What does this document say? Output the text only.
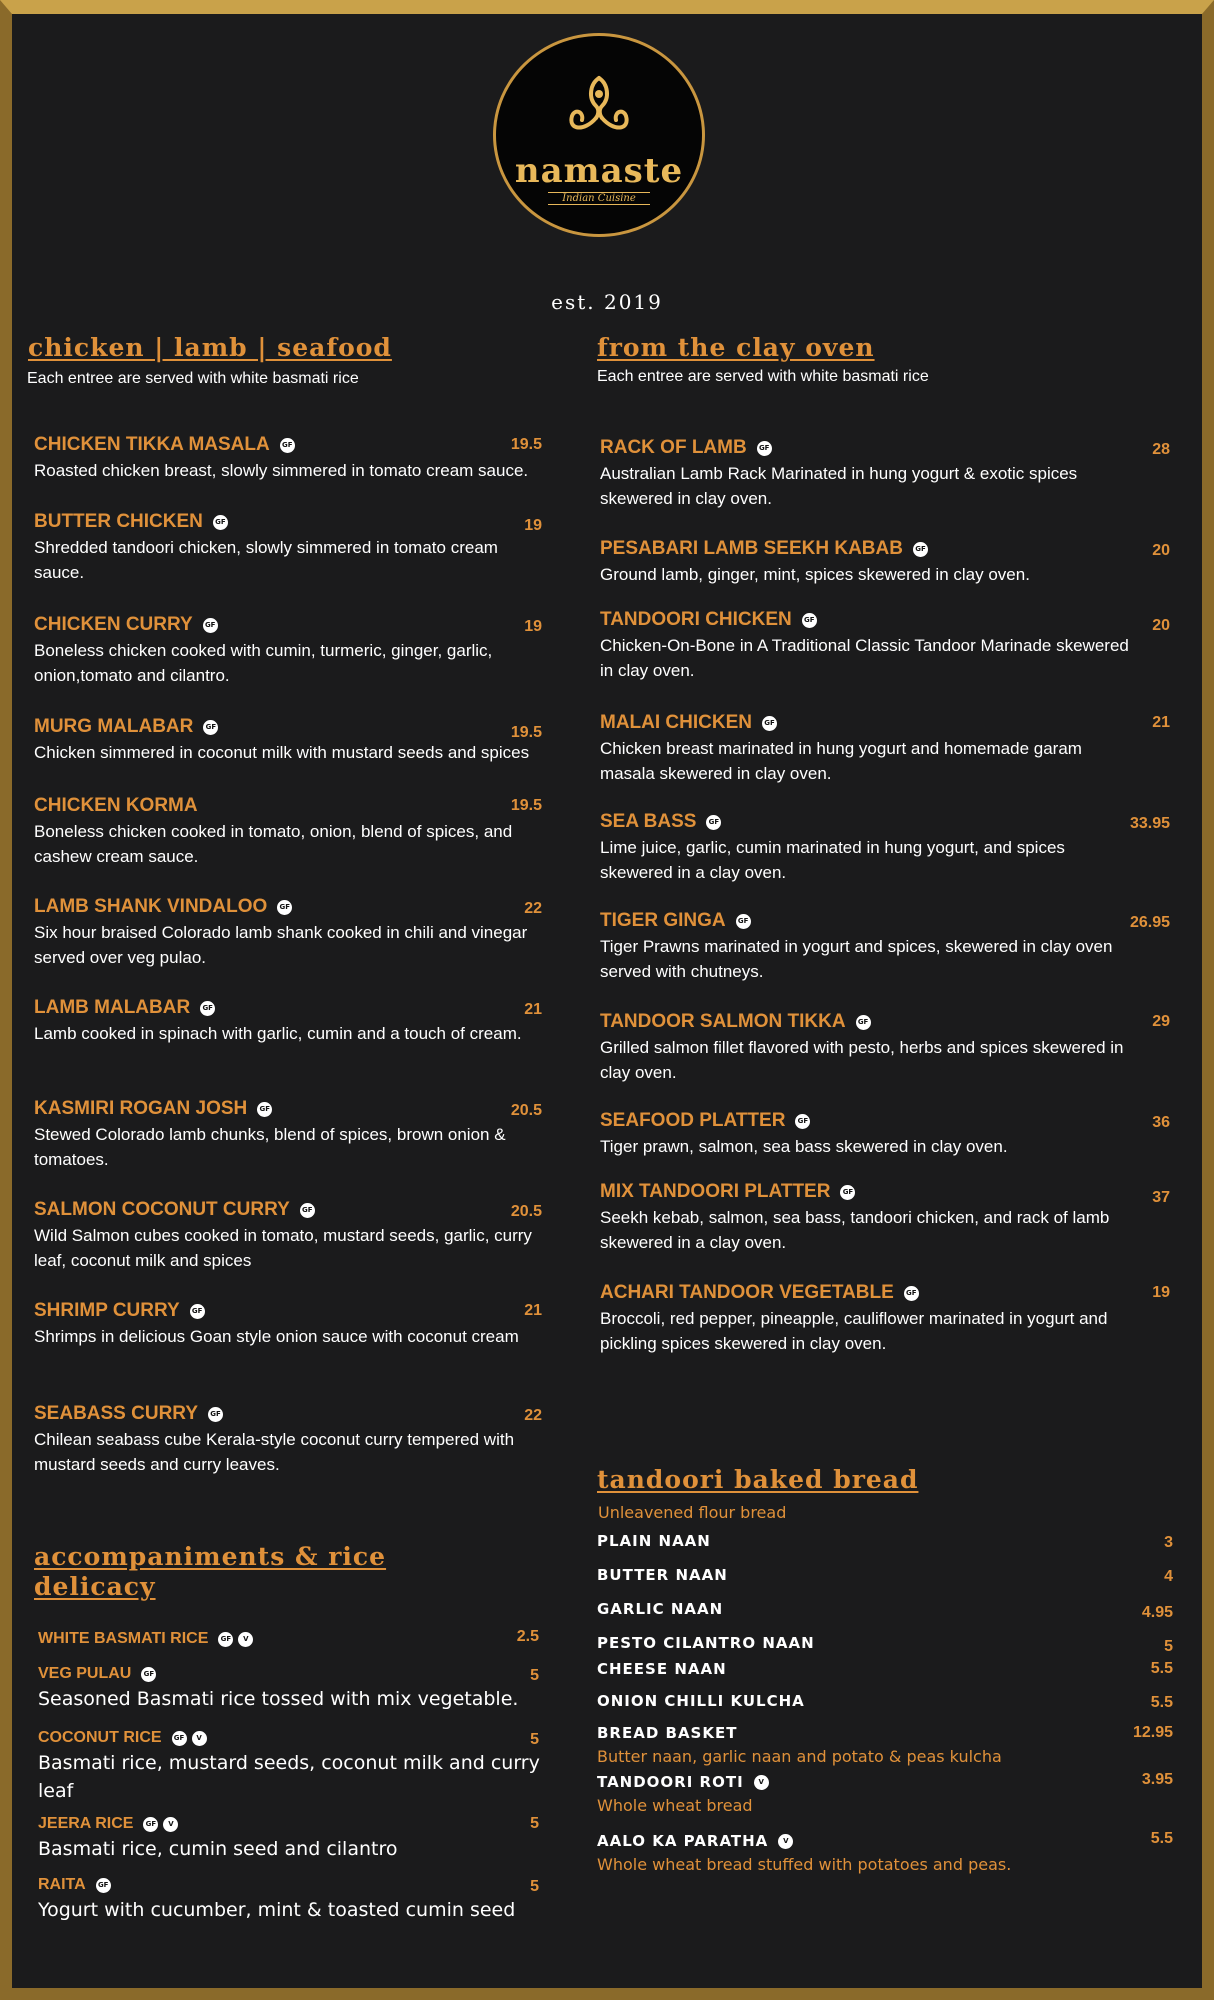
namaste
Indian Cuisine
est. 2019
chicken | lamb | seafood

Each entree are served with white basmati rice

CHICKEN TIKKA MASALA GF
Roasted chicken breast, slowly simmered in tomato cream sauce.
19.5
BUTTER CHICKEN GF
Shredded tandoori chicken, slowly simmered in tomato cream sauce.
19
CHICKEN CURRY GF
Boneless chicken cooked with cumin, turmeric, ginger, garlic, onion,tomato and cilantro.
19
MURG MALABAR GF
Chicken simmered in coconut milk with mustard seeds and spices
19.5
CHICKEN KORMA
Boneless chicken cooked in tomato, onion, blend of spices, and cashew cream sauce.
19.5
LAMB SHANK VINDALOO GF
Six hour braised Colorado lamb shank cooked in chili and vinegar served over veg pulao.
22
LAMB MALABAR GF
Lamb cooked in spinach with garlic, cumin and a touch of cream.
21
KASMIRI ROGAN JOSH GF
Stewed Colorado lamb chunks, blend of spices, brown onion & tomatoes.
20.5
SALMON COCONUT CURRY GF
Wild Salmon cubes cooked in tomato, mustard seeds, garlic, curry leaf, coconut milk and spices
20.5
SHRIMP CURRY GF
Shrimps in delicious Goan style onion sauce with coconut cream
21
SEABASS CURRY GF
Chilean seabass cube Kerala-style coconut curry tempered with mustard seeds and curry leaves.
22
from the clay oven

Each entree are served with white basmati rice

RACK OF LAMB GF
Australian Lamb Rack Marinated in hung yogurt & exotic spices skewered in clay oven.
28
PESABARI LAMB SEEKH KABAB GF
Ground lamb, ginger, mint, spices skewered in clay oven.
20
TANDOORI CHICKEN GF
Chicken-On-Bone in A Traditional Classic Tandoor Marinade skewered in clay oven.
20
MALAI CHICKEN GF
Chicken breast marinated in hung yogurt and homemade garam masala skewered in clay oven.
21
SEA BASS GF
Lime juice, garlic, cumin marinated in hung yogurt, and spices skewered in a clay oven.
33.95
TIGER GINGA GF
Tiger Prawns marinated in yogurt and spices, skewered in clay oven served with chutneys.
26.95
TANDOOR SALMON TIKKA GF
Grilled salmon fillet flavored with pesto, herbs and spices skewered in clay oven.
29
SEAFOOD PLATTER GF
Tiger prawn, salmon, sea bass skewered in clay oven.
36
MIX TANDOORI PLATTER GF
Seekh kebab, salmon, sea bass, tandoori chicken, and rack of lamb skewered in a clay oven.
37
ACHARI TANDOOR VEGETABLE GF
Broccoli, red pepper, pineapple, cauliflower marinated in yogurt and pickling spices skewered in clay oven.
19
accompaniments & rice
delicacy
WHITE BASMATI RICE GF V	2.5
VEG PULAU GF
Seasoned Basmati rice tossed with mix vegetable.
5
COCONUT RICE GF V
Basmati rice, mustard seeds, coconut milk and curry leaf
5
JEERA RICE GF V
Basmati rice, cumin seed and cilantro
5
RAITA GF
Yogurt with cucumber, mint & toasted cumin seed
5
tandoori baked bread

Unleavened flour bread

PLAIN NAAN	3
BUTTER NAAN	4
GARLIC NAAN	4.95
PESTO CILANTRO NAAN	5
CHEESE NAAN	5.5
ONION CHILLI KULCHA	5.5
BREAD BASKET
Butter naan, garlic naan and potato & peas kulcha
12.95
TANDOORI ROTI V
Whole wheat bread
3.95
AALO KA PARATHA V
Whole wheat bread stuffed with potatoes and peas.
5.5
